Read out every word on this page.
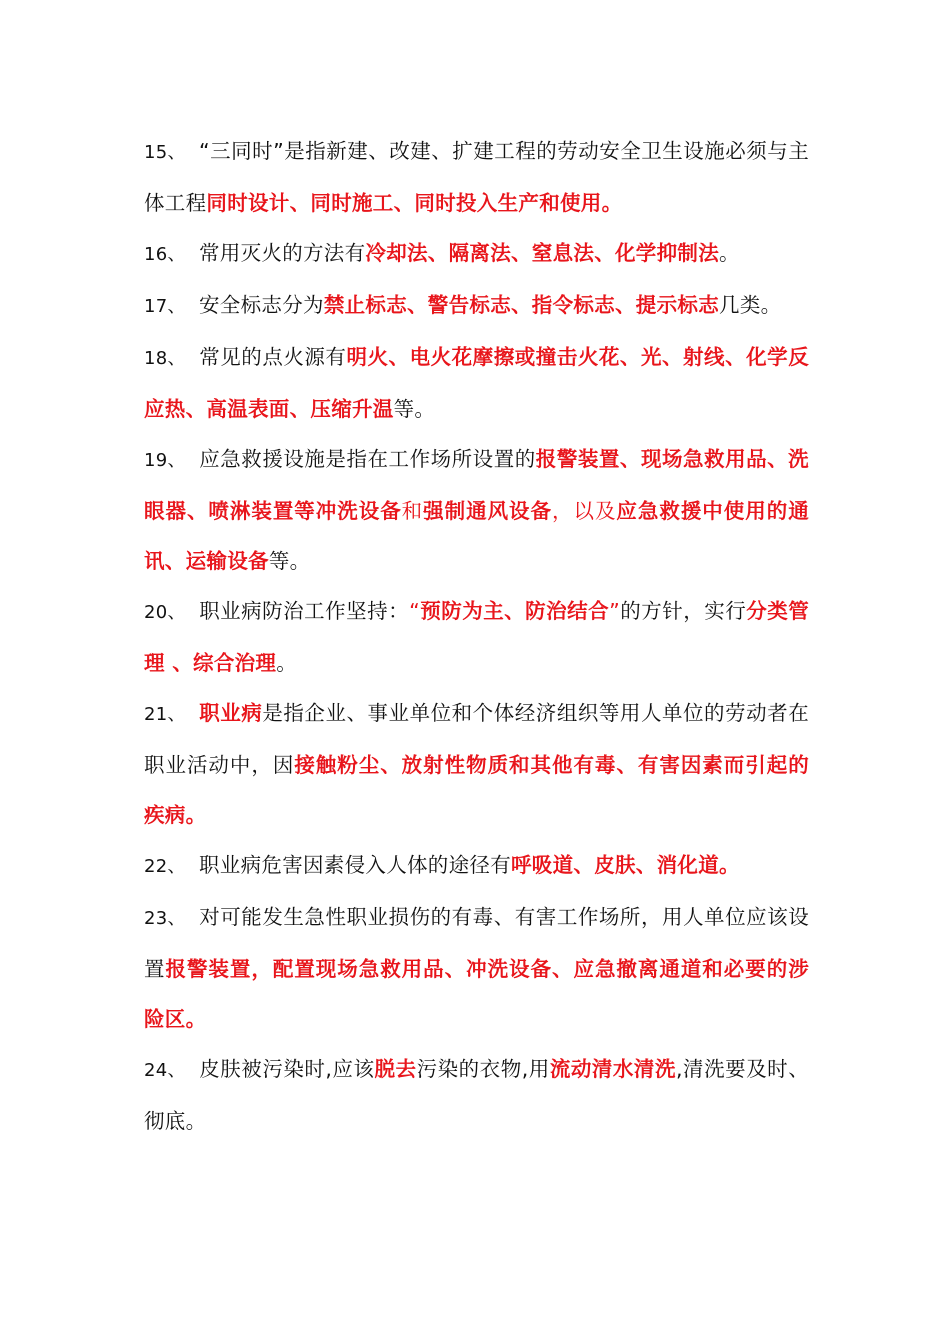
15、 “三同时”是指新建、改建、扩建工程的劳动安全卫生设施必须与主体工程同时设计、同时施工、同时投入生产和使用。

16、 常用灭火的方法有冷却法、隔离法、窒息法、化学抑制法。

17、 安全标志分为禁止标志、警告标志、指令标志、提示标志几类。

18、 常见的点火源有明火、电火花摩擦或撞击火花、光、射线、化学反应热、高温表面、压缩升温等。

19、 应急救援设施是指在工作场所设置的报警装置、现场急救用品、洗眼器、喷淋装置等冲洗设备和强制通风设备，以及应急救援中使用的通讯、运输设备等。

20、 职业病防治工作坚持：“预防为主、防治结合”的方针，实行分类管理 、综合治理。

21、 职业病是指企业、事业单位和个体经济组织等用人单位的劳动者在职业活动中，因接触粉尘、放射性物质和其他有毒、有害因素而引起的疾病。

22、 职业病危害因素侵入人体的途径有呼吸道、皮肤、消化道。

23、 对可能发生急性职业损伤的有毒、有害工作场所，用人单位应该设置报警装置，配置现场急救用品、冲洗设备、应急撤离通道和必要的涉险区。

24、 皮肤被污染时,应该脱去污染的衣物,用流动清水清洗,清洗要及时、彻底。
